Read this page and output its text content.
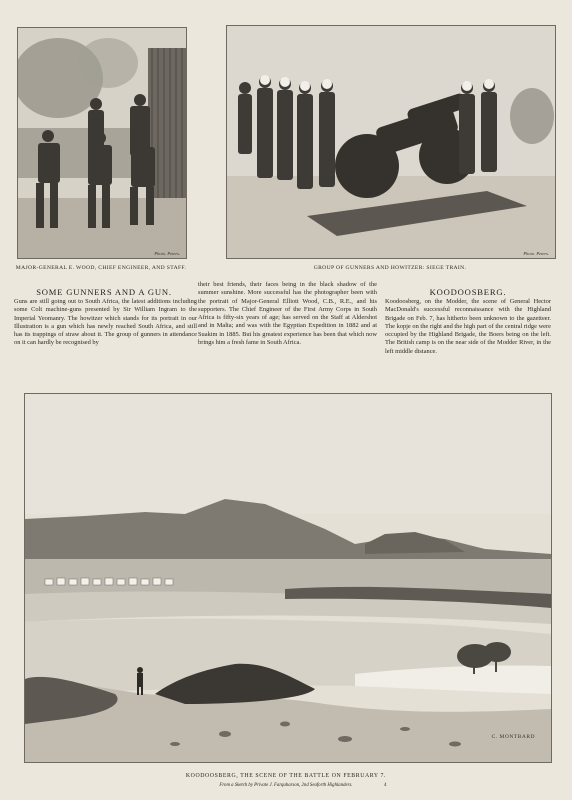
Photo. Peters.
MAJOR-GENERAL E. WOOD, CHIEF ENGINEER, AND STAFF.
Photo. Peters.
GROUP OF GUNNERS AND HOWITZER: SIEGE TRAIN.
SOME GUNNERS AND A GUN.

Guns are still going out to South Africa, the latest additions including some Colt machine-guns presented by Sir William Ingram to the Imperial Yeomanry. The howitzer which stands for its portrait in our Illustration is a gun which has newly reached South Africa, and still has its trappings of straw about it. The group of gunners in attendance on it can hardly be recognised by

their best friends, their faces being in the black shadow of the summer sunshine. More successful has the photographer been with the portrait of Major-General Elliott Wood, C.B., R.E., and his supporters. The Chief Engineer of the First Army Corps in South Africa is fifty-six years of age; has served on the Staff at Aldershot and in Malta; and was with the Egyptian Expedition in 1882 and at Suakim in 1885. But his greatest experience has been that which now brings him a fresh fame in South Africa.

KOODOOSBERG.

Koodoosberg, on the Modder, the scene of General Hector MacDonald's successful reconnaissance with the Highland Brigade on Feb. 7, has hitherto been unknown to the gazetteer. The kopje on the right and the high part of the central ridge were occupied by the Highland Brigade, the Boers being on the left. The British camp is on the near side of the Modder River, in the left middle distance.

C. MONTBARD
KOODOOSBERG, THE SCENE OF THE BATTLE ON FEBRUARY 7.
From a Sketch by Private J. Farquharson, 2nd Seaforth Highlanders.	4
